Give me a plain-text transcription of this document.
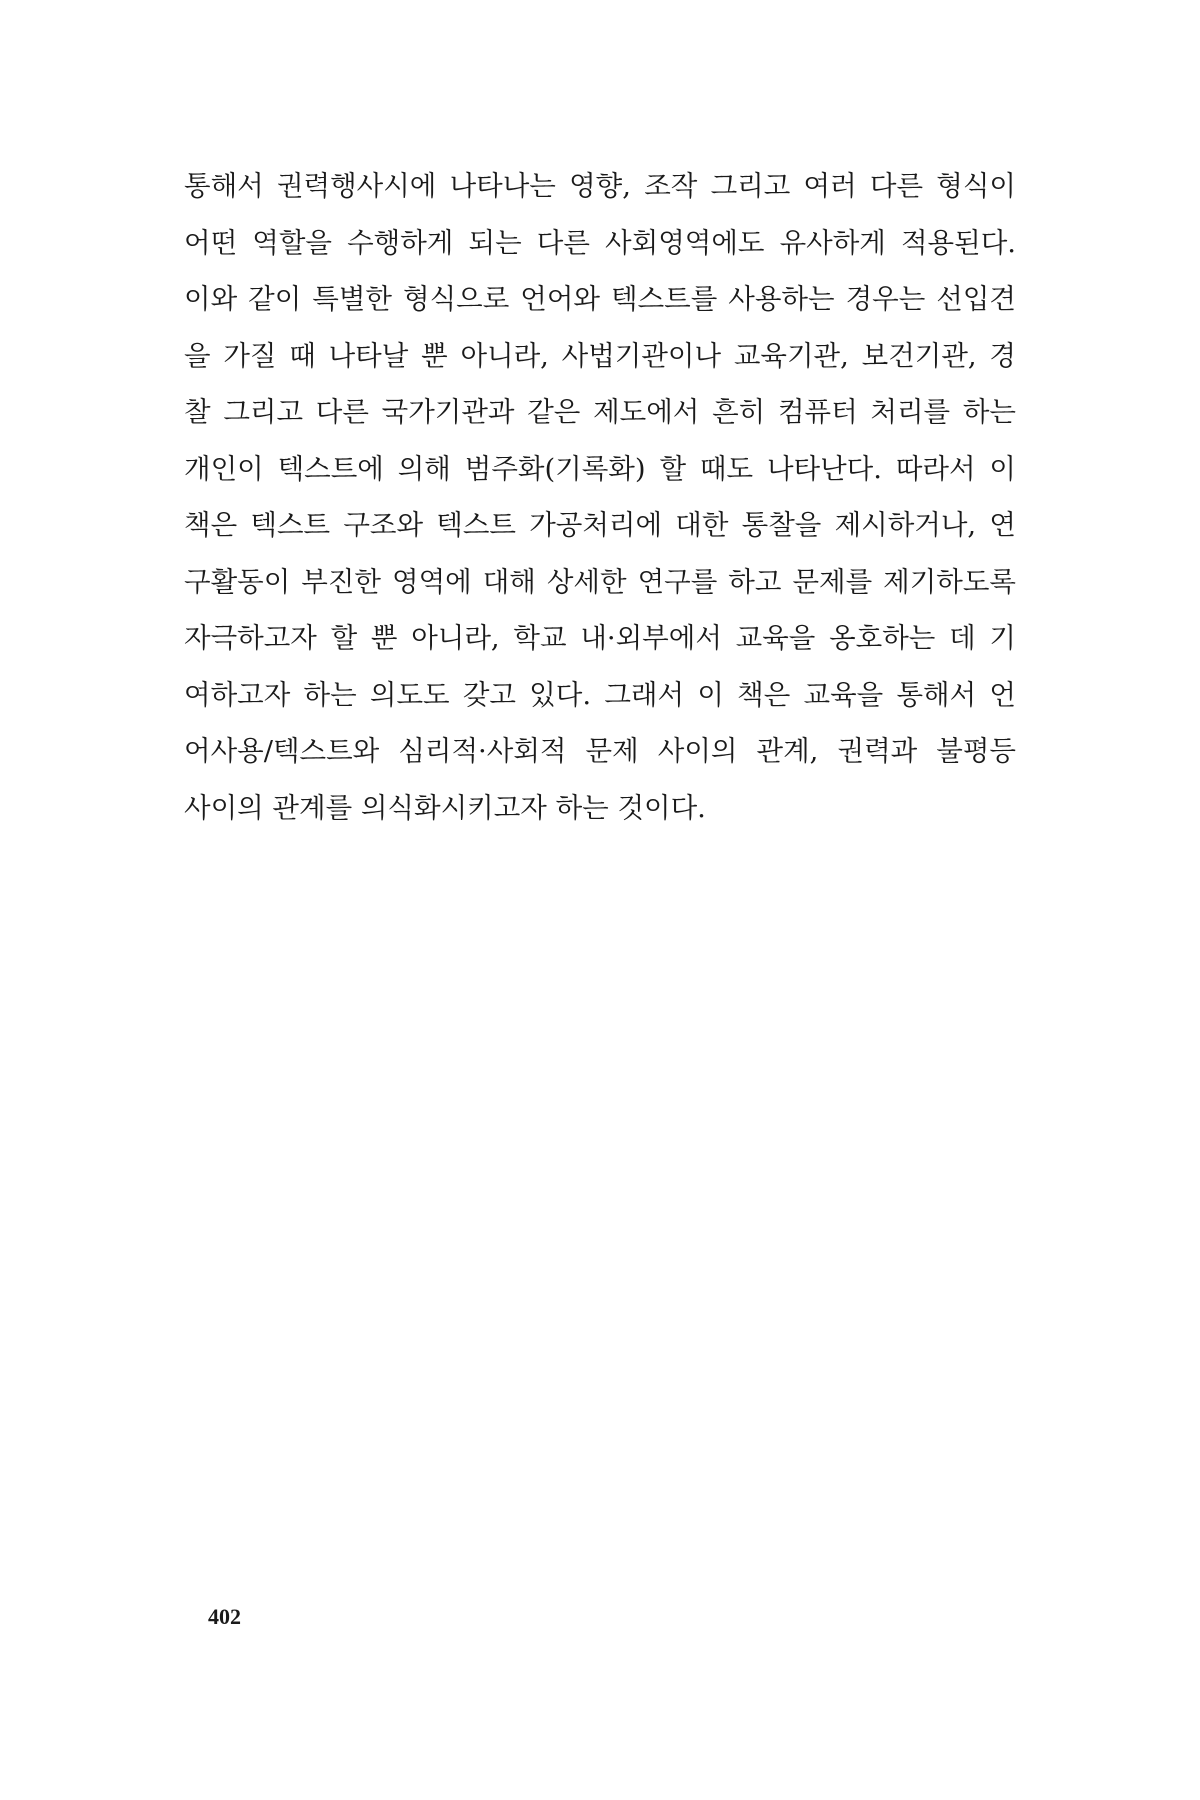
통해서 권력행사시에 나타나는 영향, 조작 그리고 여러 다른 형식이
어떤 역할을 수행하게 되는 다른 사회영역에도 유사하게 적용된다.
이와 같이 특별한 형식으로 언어와 텍스트를 사용하는 경우는 선입견
을 가질 때 나타날 뿐 아니라, 사법기관이나 교육기관, 보건기관, 경
찰 그리고 다른 국가기관과 같은 제도에서 흔히 컴퓨터 처리를 하는
개인이 텍스트에 의해 범주화(기록화) 할 때도 나타난다. 따라서 이
책은 텍스트 구조와 텍스트 가공처리에 대한 통찰을 제시하거나, 연
구활동이 부진한 영역에 대해 상세한 연구를 하고 문제를 제기하도록
자극하고자 할 뿐 아니라, 학교 내·외부에서 교육을 옹호하는 데 기
여하고자 하는 의도도 갖고 있다. 그래서 이 책은 교육을 통해서 언
어사용/텍스트와 심리적·사회적 문제 사이의 관계, 권력과 불평등
사이의 관계를 의식화시키고자 하는 것이다.
402
